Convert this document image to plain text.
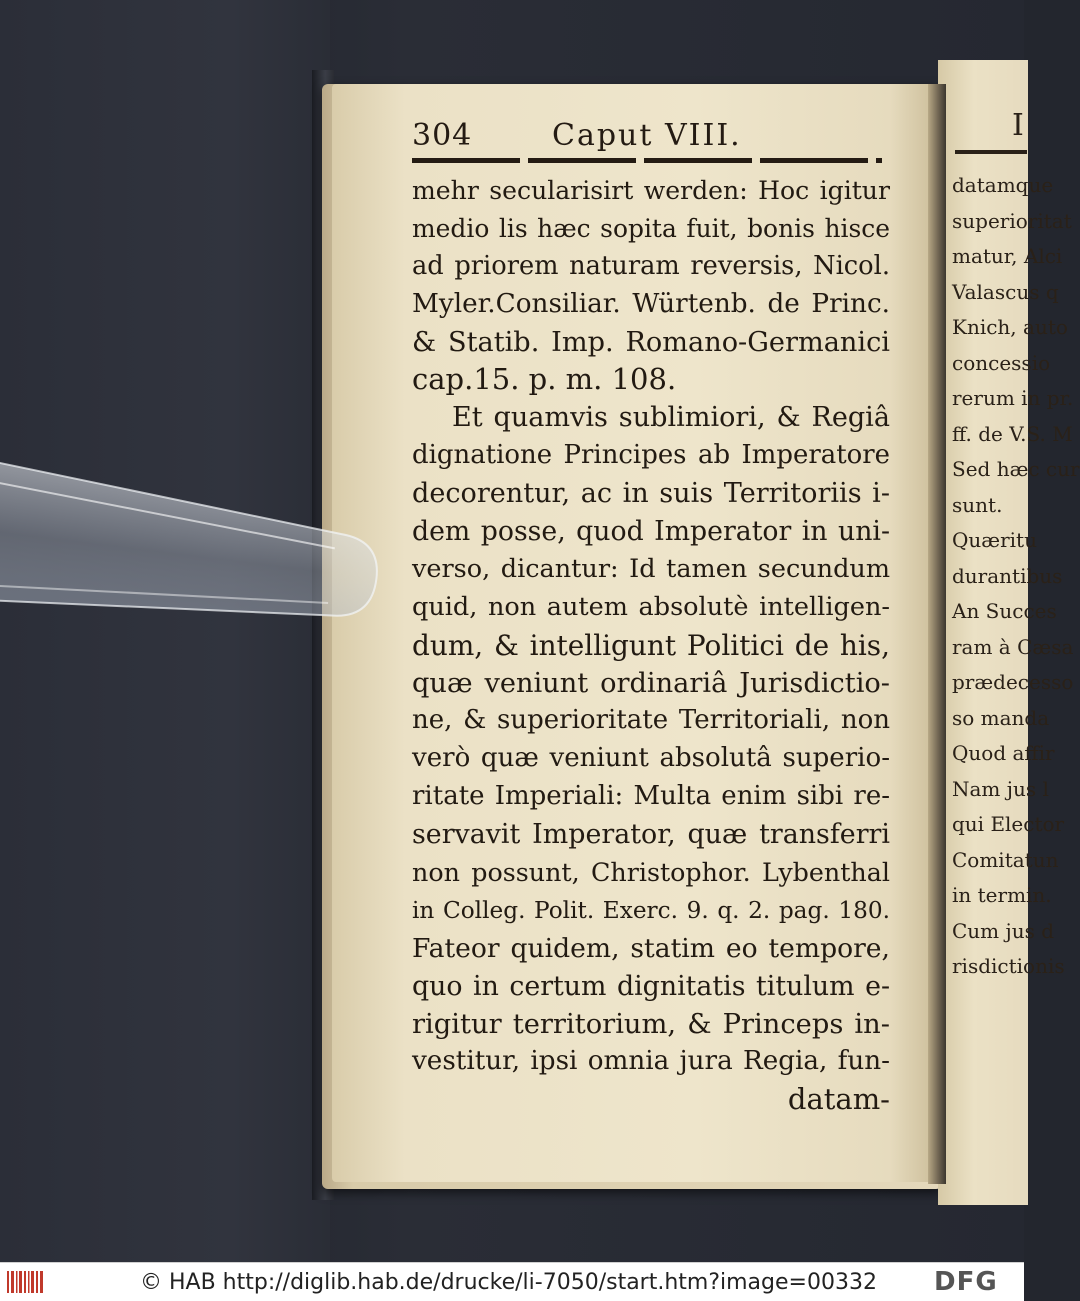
304	Caput VIII.
mehr secularisirt werden: Hoc igitur
medio lis hæc sopita fuit, bonis hisce
ad priorem naturam reversis, Nicol.
Myler.Consiliar. Würtenb. de Princ.
& Statib. Imp. Romano-Germanici
cap.15. p. m. 108.
Et quamvis sublimiori, & Regiâ
dignatione Principes ab Imperatore
decorentur, ac in suis Territoriis i-
dem posse, quod Imperator in uni-
verso, dicantur: Id tamen secundum
quid, non autem absolutè intelligen-
dum, & intelligunt Politici de his,
quæ veniunt ordinariâ Jurisdictio-
ne, & superioritate Territoriali, non
verò quæ veniunt absolutâ superio-
ritate Imperiali: Multa enim sibi re-
servavit Imperator, quæ transferri
non possunt, Christophor. Lybenthal
in Colleg. Polit. Exerc. 9. q. 2. pag. 180.
Fateor quidem, statim eo tempore,
quo in certum dignitatis titulum e-
rigitur territorium, & Princeps in-
vestitur, ipsi omnia jura Regia, fun-
datam-
I
datamque
superioritat
matur, Alci
Valascus q
Knich, auto
concessio
rerum in pr.
ff. de V.S. M
Sed hæc cur
sunt.
Quæritu
durantibus
An Succes
ram à Cæsa
prædecesso
so manda
Quod affir
Nam jus l
qui Elector
Comitatun
in termin.
Cum jus d
risdictionis
© HAB http://diglib.hab.de/drucke/li-7050/start.htm?image=00332 DFG
